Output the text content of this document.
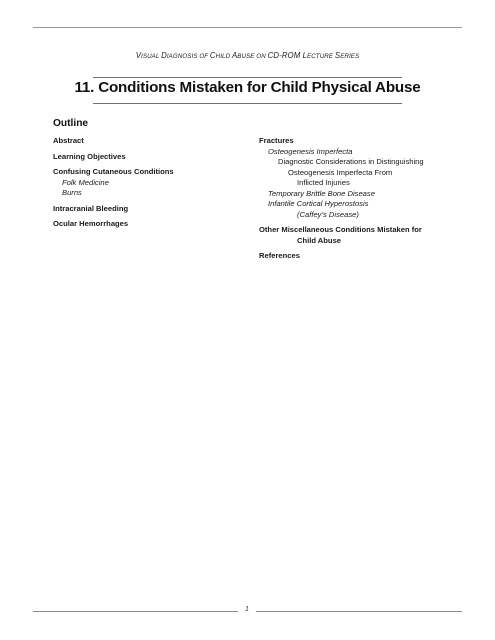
VISUAL DIAGNOSIS OF CHILD ABUSE ON CD-ROM LECTURE SERIES
11. Conditions Mistaken for Child Physical Abuse
Outline
Abstract
Learning Objectives
Confusing Cutaneous Conditions
Folk Medicine
Burns
Intracranial Bleeding
Ocular Hemorrhages
Fractures
Osteogenesis Imperfecta
Diagnostic Considerations in Distinguishing
Osteogenesis Imperfecta From
Inflicted Injuries
Temporary Brittle Bone Disease
Infantile Cortical Hyperostosis
(Caffey’s Disease)
Other Miscellaneous Conditions Mistaken for
Child Abuse
References
1
